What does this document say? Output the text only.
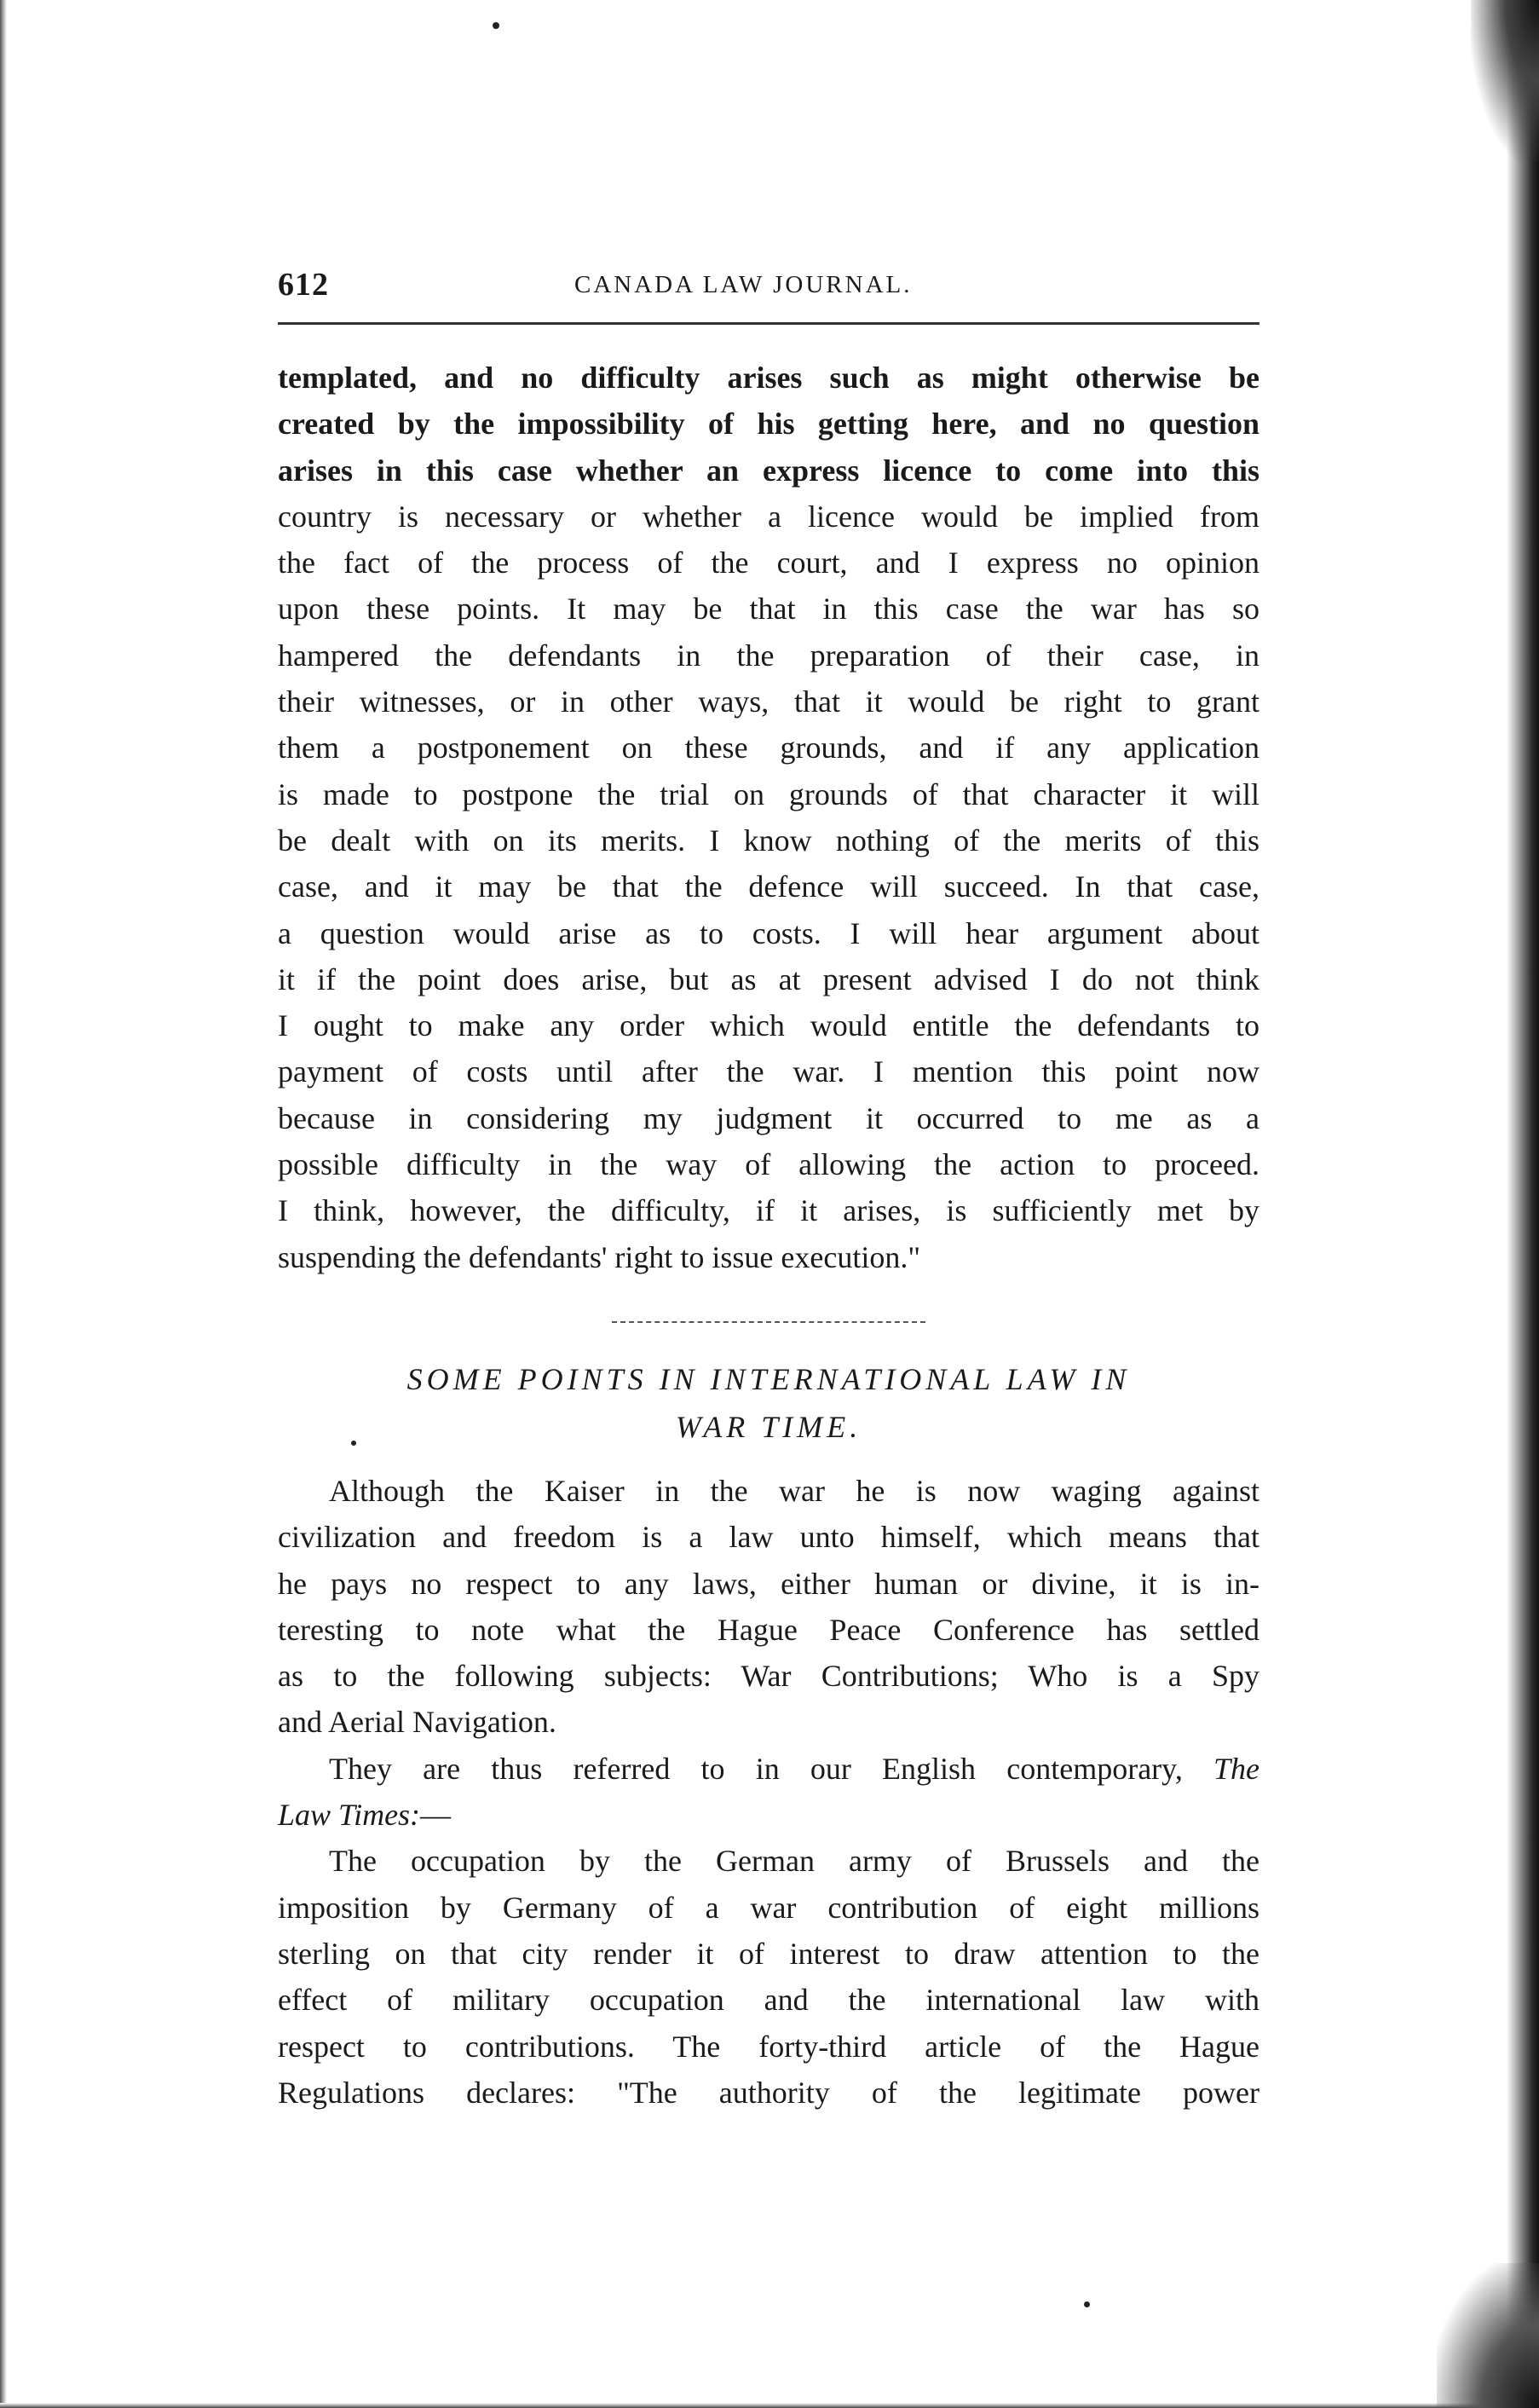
612	CANADA LAW JOURNAL.
templated, and no difficulty arises such as might otherwise be
created by the impossibility of his getting here, and no question
arises in this case whether an express licence to come into this
country is necessary or whether a licence would be implied from
the fact of the process of the court, and I express no opinion
upon these points. It may be that in this case the war has so
hampered the defendants in the preparation of their case, in
their witnesses, or in other ways, that it would be right to grant
them a postponement on these grounds, and if any application
is made to postpone the trial on grounds of that character it will
be dealt with on its merits. I know nothing of the merits of this
case, and it may be that the defence will succeed. In that case,
a question would arise as to costs. I will hear argument about
it if the point does arise, but as at present advised I do not think
I ought to make any order which would entitle the defendants to
payment of costs until after the war. I mention this point now
because in considering my judgment it occurred to me as a
possible difficulty in the way of allowing the action to proceed.
I think, however, the difficulty, if it arises, is sufficiently met by
suspending the defendants' right to issue execution."
SOME POINTS IN INTERNATIONAL LAW IN
WAR TIME.
Although the Kaiser in the war he is now waging against
civilization and freedom is a law unto himself, which means that
he pays no respect to any laws, either human or divine, it is in-
teresting to note what the Hague Peace Conference has settled
as to the following subjects: War Contributions; Who is a Spy
and Aerial Navigation.
They are thus referred to in our English contemporary, The
Law Times:—
The occupation by the German army of Brussels and the
imposition by Germany of a war contribution of eight millions
sterling on that city render it of interest to draw attention to the
effect of military occupation and the international law with
respect to contributions. The forty-third article of the Hague
Regulations declares: "The authority of the legitimate power
